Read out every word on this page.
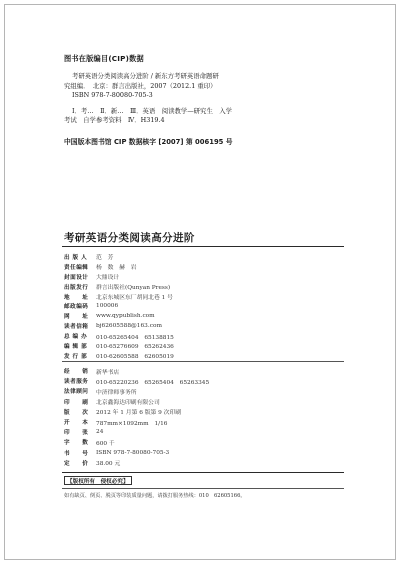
图书在版编目(CIP)数据
考研英语分类阅读高分进阶 / 新东方考研英语命题研
究组编．　北京：群言出版社，2007（2012.1 重印）
ISBN 978-7-80080-705-3
Ⅰ．考…　Ⅱ．新…　Ⅲ．英语　阅读教学—研究生　入学
考试　自学参考资料　Ⅳ．H319.4
中国版本图书馆 CIP 数据核字 [2007] 第 006195 号
考研英语分类阅读高分进阶
出 版 人	范　芳
责任编辑	杨　数　赫　岩
封面设计	大鼎设计
出版发行	群言出版社(Qunyan Press)
地　　址	北京东城区东厂胡同北巷 1 号
邮政编码	100006
网　　址	www.qypublish.com
读者信箱	bj62605588@163.com
总 编 办	010-65265404　65138815
编 辑 部	010-65276609　65262436
发 行 部	010-62605588　62605019
经　　销	新华书店
读者服务	010-65220236　65265404　65263345
法律顾问	中济律师事务所
印　　刷	北京鑫海达印刷有限公司
版　　次	2012 年 1 月第 6 版第 9 次印刷
开　　本	787mm×1092mm　1/16
印　　张	24
字　　数	600 千
书　　号	ISBN 978-7-80080-705-3
定　　价	38.00 元
【版权所有　侵权必究】
如有缺页、倒页、脱页等印装质量问题，请拨打服务热线：010　62605166。
